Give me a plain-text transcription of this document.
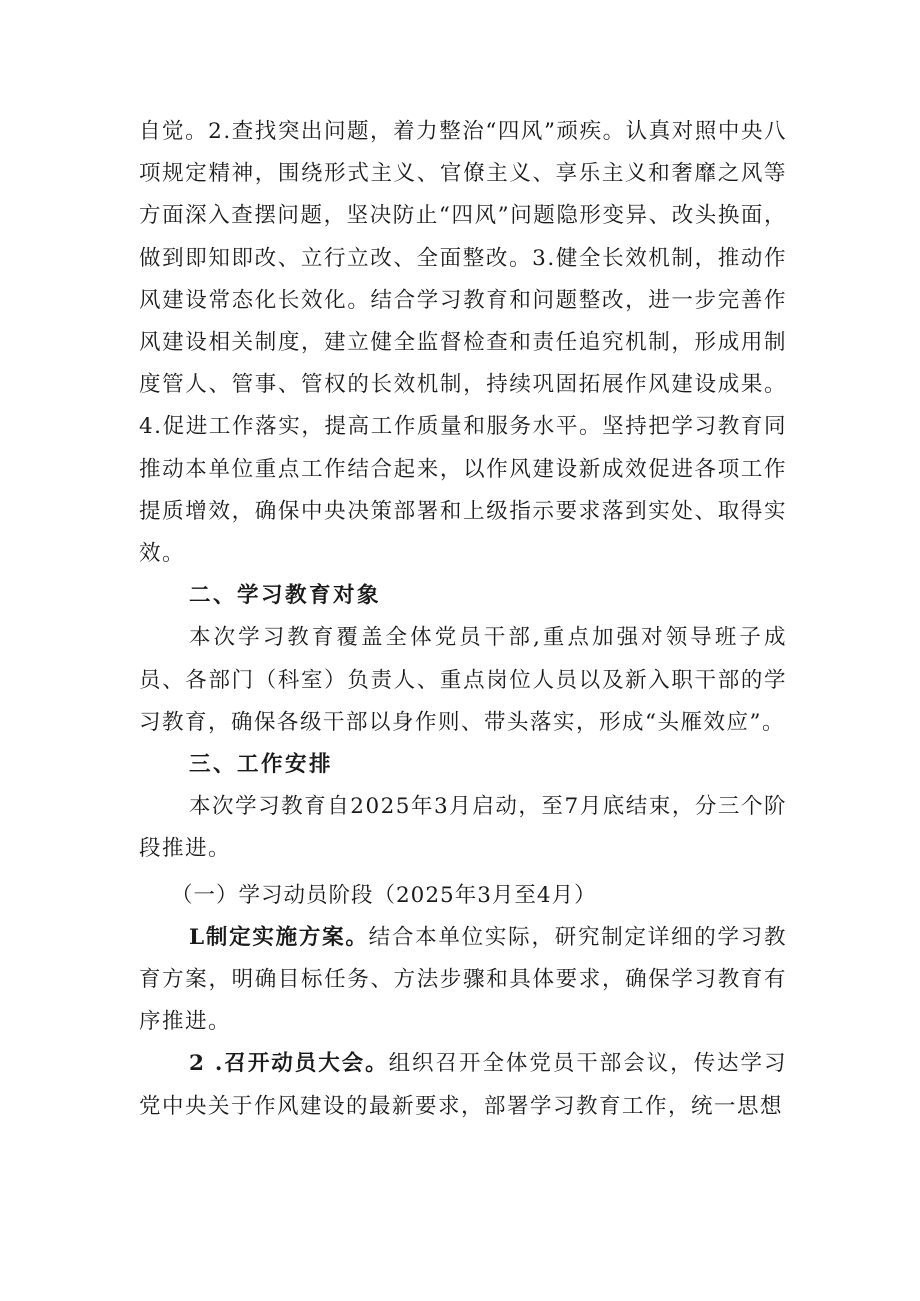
自觉。2.查找突出问题，着力整治“四风”顽疾。认真对照中央八项规定精神，围绕形式主义、官僚主义、享乐主义和奢靡之风等方面深入查摆问题，坚决防止“四风”问题隐形变异、改头换面，做到即知即改、立行立改、全面整改。3.健全长效机制，推动作风建设常态化长效化。结合学习教育和问题整改，进一步完善作风建设相关制度，建立健全监督检查和责任追究机制，形成用制度管人、管事、管权的长效机制，持续巩固拓展作风建设成果。4.促进工作落实，提高工作质量和服务水平。坚持把学习教育同推动本单位重点工作结合起来，以作风建设新成效促进各项工作提质增效，确保中央决策部署和上级指示要求落到实处、取得实效。

二、学习教育对象

本次学习教育覆盖全体党员干部,重点加强对领导班子成员、各部门（科室）负责人、重点岗位人员以及新入职干部的学习教育，确保各级干部以身作则、带头落实，形成“头雁效应”。

三、工作安排

本次学习教育自2025年3月启动，至7月底结束，分三个阶段推进。

（一）学习动员阶段（2025年3月至4月）

L制定实施方案。结合本单位实际，研究制定详细的学习教育方案，明确目标任务、方法步骤和具体要求，确保学习教育有序推进。

2 .召开动员大会。组织召开全体党员干部会议，传达学习党中央关于作风建设的最新要求，部署学习教育工作，统一思想
